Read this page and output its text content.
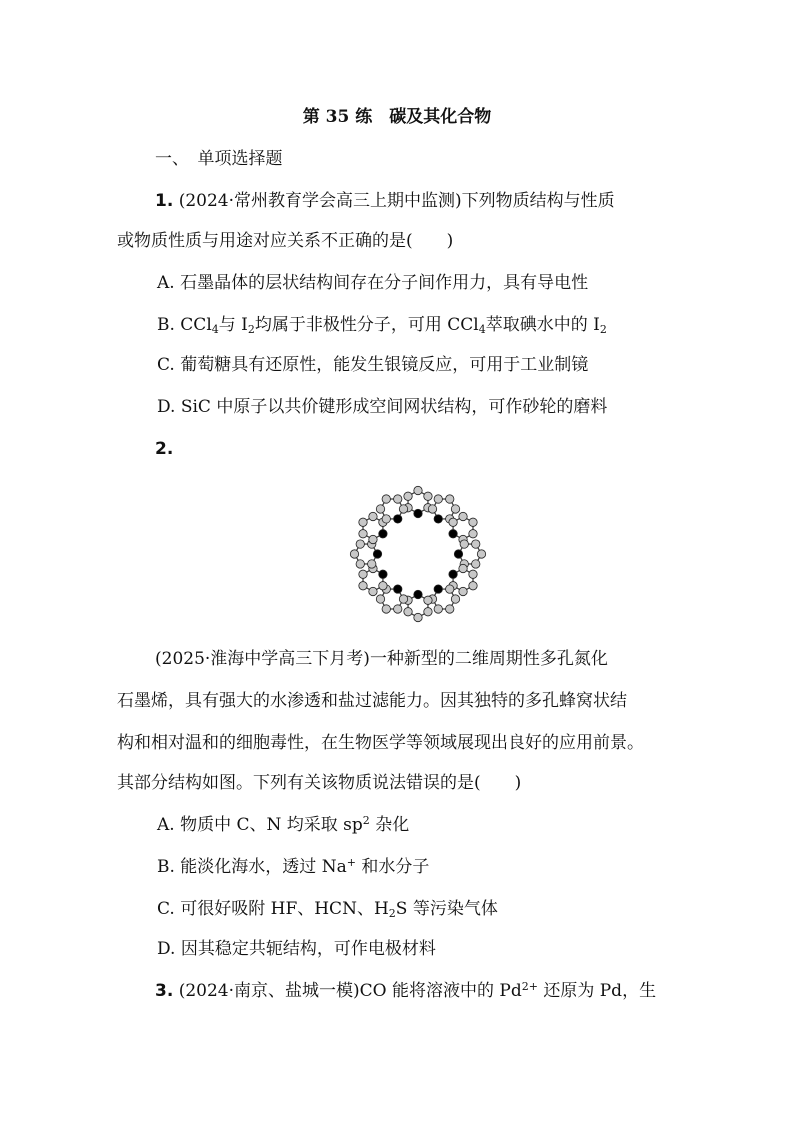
第 35 练　碳及其化合物
一、　单项选择题
1. (2024·常州教育学会高三上期中监测)下列物质结构与性质
或物质性质与用途对应关系不正确的是(　　)
A. 石墨晶体的层状结构间存在分子间作用力，具有导电性
B. CCl$_4$与 $I_2$均属于非极性分子，可用 CCl$_4$萃取碘水中的 $I_2$
C. 葡萄糖具有还原性，能发生银镜反应，可用于工业制镜
D. SiC 中原子以共价键形成空间网状结构，可作砂轮的磨料
2.
(2025·淮海中学高三下月考)一种新型的二维周期性多孔氮化
石墨烯，具有强大的水渗透和盐过滤能力。因其独特的多孔蜂窝状结
构和相对温和的细胞毒性，在生物医学等领域展现出良好的应用前景。
其部分结构如图。下列有关该物质说法错误的是(　　)
A. 物质中 C、N 均采取 $sp^2$ 杂化
B. 能淡化海水，透过 Na+ 和水分子
C. 可很好吸附 HF、HCN、$H_2S$ 等污染气体
D. 因其稳定共轭结构，可作电极材料
3. (2024·南京、盐城一模)CO 能将溶液中的 $Pd^{2+}$ 还原为 Pd，生
